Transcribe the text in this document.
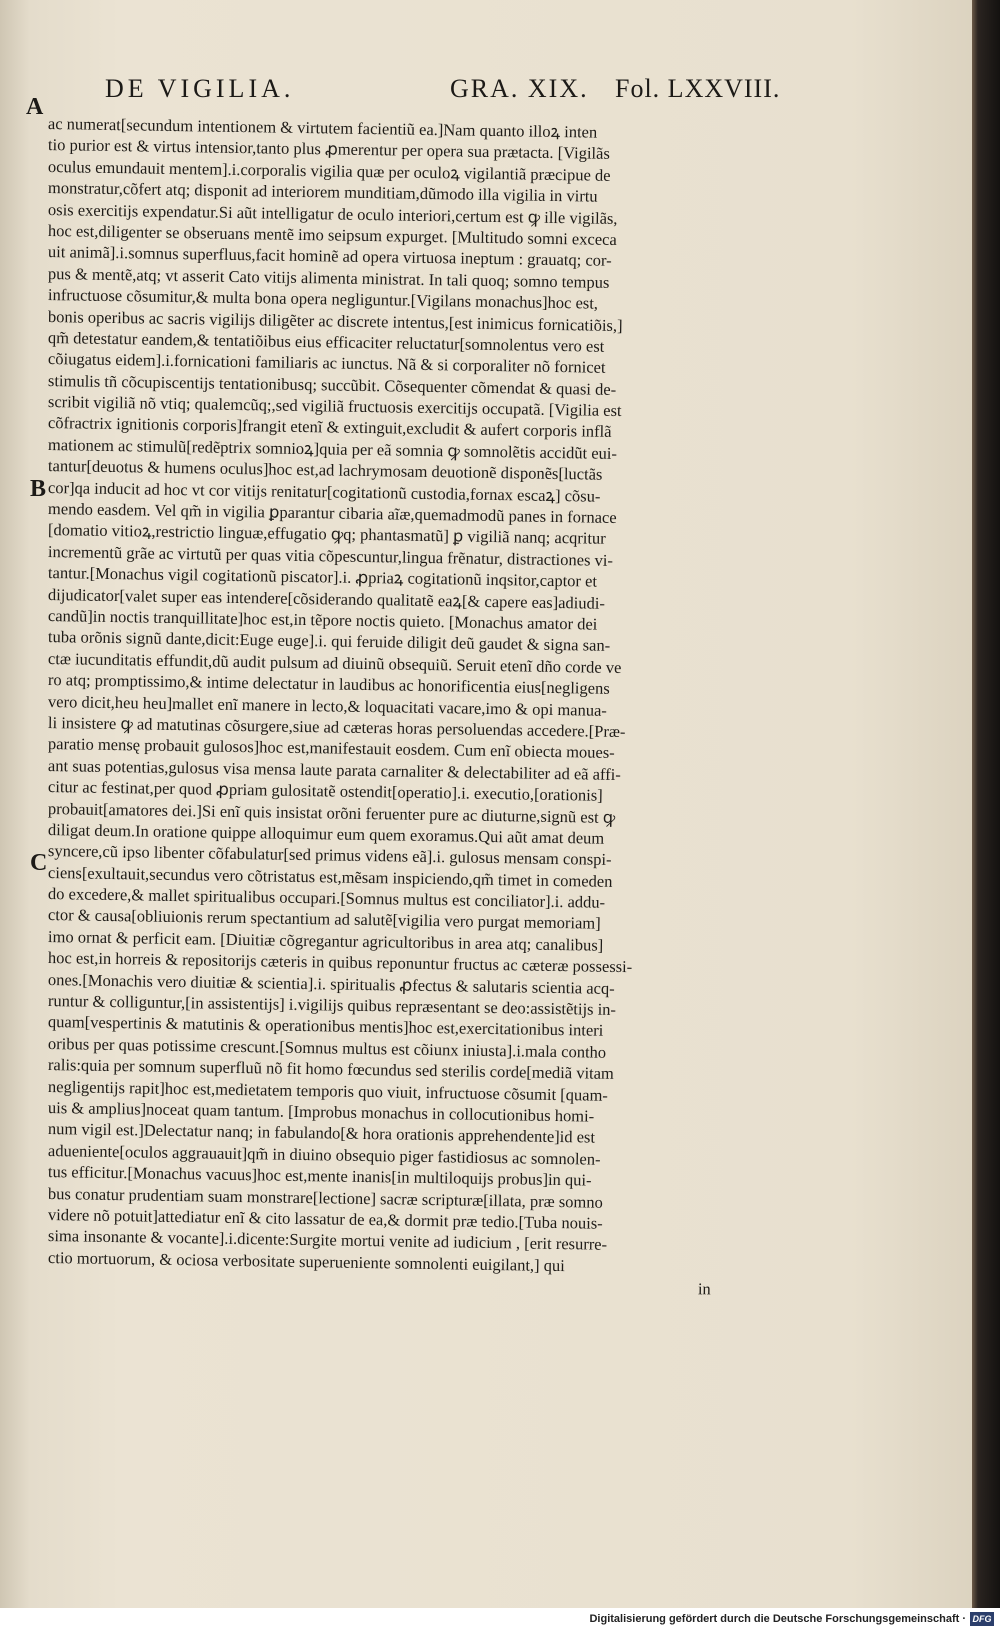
DE VIGILIA.	GRA. XIX. Fol. LXXVIII.
A
B
C
ac numerat[secundum intentionem & virtutem facientiũ ea.]Nam quanto illoꝝ inten
tio purior est & virtus intensior,tanto plus ꝓmerentur per opera sua prætacta. [Vigilãs
oculus emundauit mentem].i.corporalis vigilia quæ per oculoꝝ vigilantiã præcipue de
monstratur,cõfert atq; disponit ad interiorem munditiam,dũmodo illa vigilia in virtu
osis exercitijs expendatur.Si aũt intelligatur de oculo interiori,certum est ꝙ ille vigilãs,
hoc est,diligenter se obseruans mentẽ imo seipsum expurget. [Multitudo somni exceca
uit animã].i.somnus superfluus,facit hominẽ ad opera virtuosa ineptum : grauatq; cor-
pus & mentẽ,atq; vt asserit Cato vitijs alimenta ministrat. In tali quoq; somno tempus
infructuose cõsumitur,& multa bona opera negliguntur.[Vigilans monachus]hoc est,
bonis operibus ac sacris vigilijs diligẽter ac discrete intentus,[est inimicus fornicatiõis,]
qm̃ detestatur eandem,& tentatiõibus eius efficaciter reluctatur[somnolentus vero est
cõiugatus eidem].i.fornicationi familiaris ac iunctus. Nã & si corporaliter nõ fornicet
stimulis tñ cõcupiscentijs tentationibusq; succũbit. Cõsequenter cõmendat & quasi de-
scribit vigiliã nõ vtiq; qualemcũq;,sed vigiliã fructuosis exercitijs occupatã. [Vigilia est
cõfractrix ignitionis corporis]frangit etenĩ & extinguit,excludit & aufert corporis inflã
mationem ac stimulũ[redẽptrix somnioꝝ]quia per eã somnia ꝙ somnolẽtis accidũt eui-
tantur[deuotus & humens oculus]hoc est,ad lachrymosam deuotionẽ disponẽs[luctãs
cor]qa inducit ad hoc vt cor vitijs renitatur[cogitationũ custodia,fornax escaꝝ] cõsu-
mendo easdem. Vel qm̃ in vigilia ꝑparantur cibaria aĩæ,quemadmodũ panes in fornace
[domatio vitioꝝ,restrictio linguæ,effugatio ꝙq; phantasmatũ] ꝑ vigiliã nanq; acqritur
incrementũ grãe ac virtutũ per quas vitia cõpescuntur,lingua frẽnatur, distractiones vi-
tantur.[Monachus vigil cogitationũ piscator].i. ꝓpriaꝝ cogitationũ inqsitor,captor et
dijudicator[valet super eas intendere[cõsiderando qualitatẽ eaꝝ[& capere eas]adiudi-
candũ]in noctis tranquillitate]hoc est,in tẽpore noctis quieto. [Monachus amator dei
tuba orõnis signũ dante,dicit:Euge euge].i. qui feruide diligit deũ gaudet & signa san-
ctæ iucunditatis effundit,dũ audit pulsum ad diuinũ obsequiũ. Seruit etenĩ dño corde ve
ro atq; promptissimo,& intime delectatur in laudibus ac honorificentia eius[negligens
vero dicit,heu heu]mallet enĩ manere in lecto,& loquacitati vacare,imo & opi manua-
li insistere ꝙ ad matutinas cõsurgere,siue ad cæteras horas persoluendas accedere.[Præ-
paratio mensę probauit gulosos]hoc est,manifestauit eosdem. Cum enĩ obiecta moues-
ant suas potentias,gulosus visa mensa laute parata carnaliter & delectabiliter ad eã affi-
citur ac festinat,per quod ꝓpriam gulositatẽ ostendit[operatio].i. executio,[orationis]
probauit[amatores dei.]Si enĩ quis insistat orõni feruenter pure ac diuturne,signũ est ꝙ
diligat deum.In oratione quippe alloquimur eum quem exoramus.Qui aũt amat deum
syncere,cũ ipso libenter cõfabulatur[sed primus videns eã].i. gulosus mensam conspi-
ciens[exultauit,secundus vero cõtristatus est,mẽsam inspiciendo,qm̃ timet in comeden
do excedere,& mallet spiritualibus occupari.[Somnus multus est conciliator].i. addu-
ctor & causa[obliuionis rerum spectantium ad salutẽ[vigilia vero purgat memoriam]
imo ornat & perficit eam. [Diuitiæ cõgregantur agricultoribus in area atq; canalibus]
hoc est,in horreis & repositorijs cæteris in quibus reponuntur fructus ac cæteræ possessi-
ones.[Monachis vero diuitiæ & scientia].i. spiritualis ꝓfectus & salutaris scientia acq-
runtur & colliguntur,[in assistentijs] i.vigilijs quibus repræsentant se deo:assistẽtijs in-
quam[vespertinis & matutinis & operationibus mentis]hoc est,exercitationibus interi
oribus per quas potissime crescunt.[Somnus multus est cõiunx iniusta].i.mala contho
ralis:quia per somnum superfluũ nõ fit homo fœcundus sed sterilis corde[mediã vitam
negligentijs rapit]hoc est,medietatem temporis quo viuit, infructuose cõsumit [quam-
uis & amplius]noceat quam tantum. [Improbus monachus in collocutionibus homi-
num vigil est.]Delectatur nanq; in fabulando[& hora orationis apprehendente]id est
adueniente[oculos aggrauauit]qm̃ in diuino obsequio piger fastidiosus ac somnolen-
tus efficitur.[Monachus vacuus]hoc est,mente inanis[in multiloquijs probus]in qui-
bus conatur prudentiam suam monstrare[lectione] sacræ scripturæ[illata, præ somno
videre nõ potuit]attediatur enĩ & cito lassatur de ea,& dormit præ tedio.[Tuba nouis-
sima insonante & vocante].i.dicente:Surgite mortui venite ad iudicium , [erit resurre-
ctio mortuorum, & ociosa verbositate superueniente somnolenti euigilant,] qui
in
Digitalisierung gefördert durch die Deutsche Forschungsgemeinschaft · DFG
